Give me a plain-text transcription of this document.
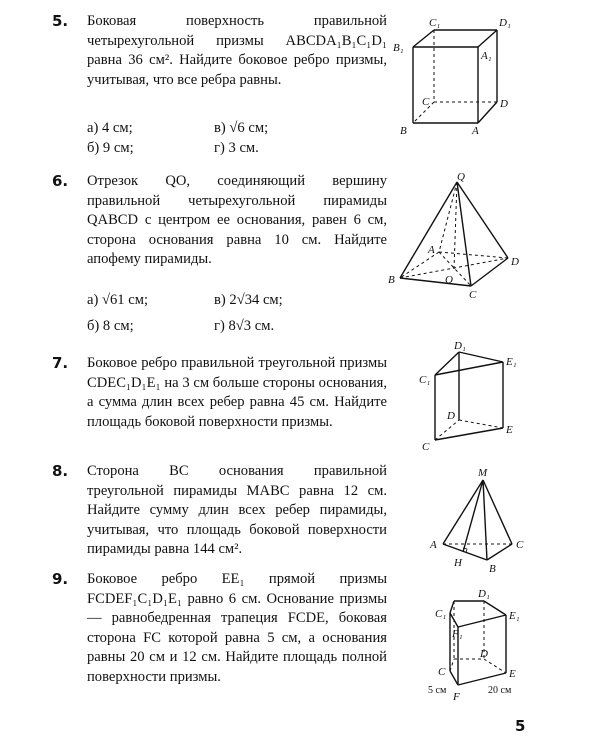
5. Боковая поверхность правильной четырехугольной призмы ABCDA₁B₁C₁D₁ равна 36 см². Найдите боковое ребро призмы, учитывая, что все ребра равны.
а) 4 см;	в) √6 см;
б) 9 см;	г) 3 см.
C₁	D₁
B₁
A₁
C	D
B	A
6. Отрезок QO, соединяющий вершину правильной четырехугольной пирамиды QABCD с центром ее основания, равен 6 см, сторона основания равна 10 см. Найдите апофему пирамиды.
а) √61 см;	в) 2√34 см;
б) 8 см;	г) 8√3 см.
Q
A
B	O
C
D
7. Боковое ребро правильной треугольной призмы CDEC₁D₁E₁ на 3 см больше стороны основания, а сумма длин всех ребер равна 45 см. Найдите площадь боковой поверхности призмы.
D₁
E₁
C₁
D
E
C
8. Сторона BC основания правильной треугольной пирамиды MABC равна 12 см. Найдите сумму длин всех ребер пирамиды, учитывая, что площадь боковой поверхности пирамиды равна 144 см².
M
A	C
H B
9. Боковое ребро EE₁ прямой призмы FCDEF₁C₁D₁E₁ равно 6 см. Основание призмы — равнобедренная трапеция FCDE, боковая сторона FC которой равна 5 см, а основания равны 20 см и 12 см. Найдите площадь полной поверхности призмы.
D₁
C₁	E₁
F₁
D
C	E
F
5 см	20 см
5
